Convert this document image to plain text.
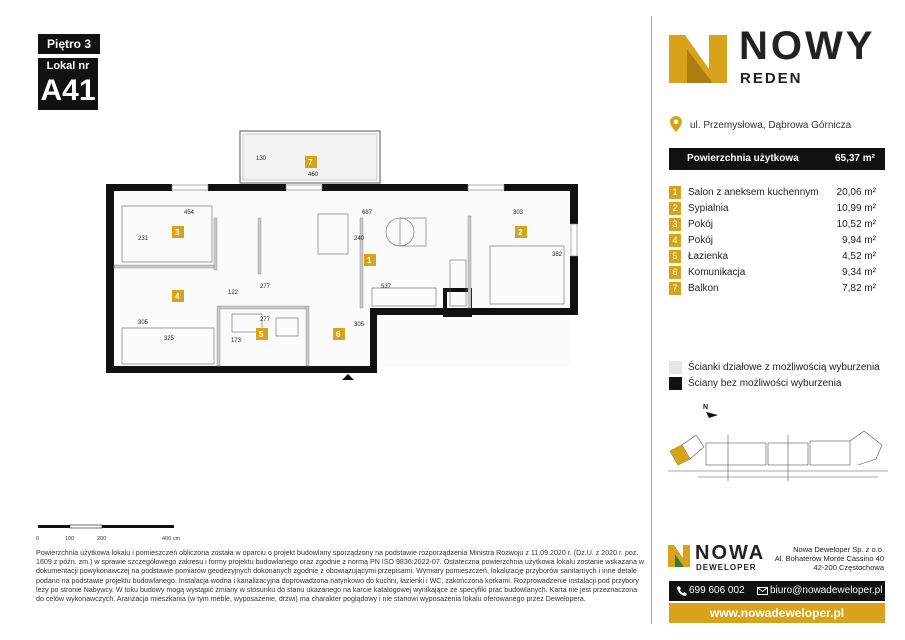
Piętro 3
Lokal nr
A41
7
3
1
2
4
5	6
460
454	687	303
231	240
382
537
277
122
277
305
325	173
305
130
0	100	200	400 cm

Powierzchnia użytkowa lokalu i pomieszczeń obliczona została w oparciu o projekt budowlany sporządzony na podstawie rozporządzenia Ministra Rozwoju z 11.09.2020 r. (Dz.U. z 2020 r. poz. 1609 z późn. zm.) w sprawie szczegółowego zakresu i formy projektu budowlanego oraz zgodnie z normą PN ISO 9836:2022-07. Ostateczna powierzchnia użytkowa lokalu zostanie wskazana w dokumentacji powykonawczej na podstawie pomiarów geodezyjnych dokonanych zgodnie z obowiązującymi przepisami. Wymiary pomieszczeń, lokalizację przyborów sanitarnych i inne detale podano na podstawie projektu budowlanego. Instalacja wodna i kanalizacyjna doprowadzona natynkowo do kuchni, łazienki i WC, zakończona korkami. Rozprowadzenie instalacji pod przybory leży po stronie Nabywcy. W toku budowy mogą wystąpić zmiany w stosunku do stanu ukazanego na karcie katalogowej wynikające ze specyfiki prac budowlanych. Karta nie jest przeznaczona do celów wykonawczych. Aranżacja mieszkania (w tym meble, wyposażenie, drzwi) ma charakter poglądowy i nie stanowi wyposażenia lokalu oferowanego przez Dewelopera.

NOWY
REDEN
ul. Przemysłowa, Dąbrowa Górnicza
Powierzchnia użytkowa	65,37 m²
1	Salon z aneksem kuchennym 20,06 m²
2	Sypialnia	10,99 m²
3	Pokój	10,52 m²
4	Pokój	9,94 m²
5	Łazienka	4,52 m²
6	Komunikacja	9,34 m²
7	Balkon	7,82 m²
Ścianki działowe z możliwością wyburzenia
Ściany bez możliwości wyburzenia
N
NOWA
DEWELOPER
Nowa Deweloper Sp. z o.o.
Al. Bohaterów Monte Cassino 40
42-200 Częstochowa
699 606 002	biuro@nowadeweloper.pl
www.nowadeweloper.pl
